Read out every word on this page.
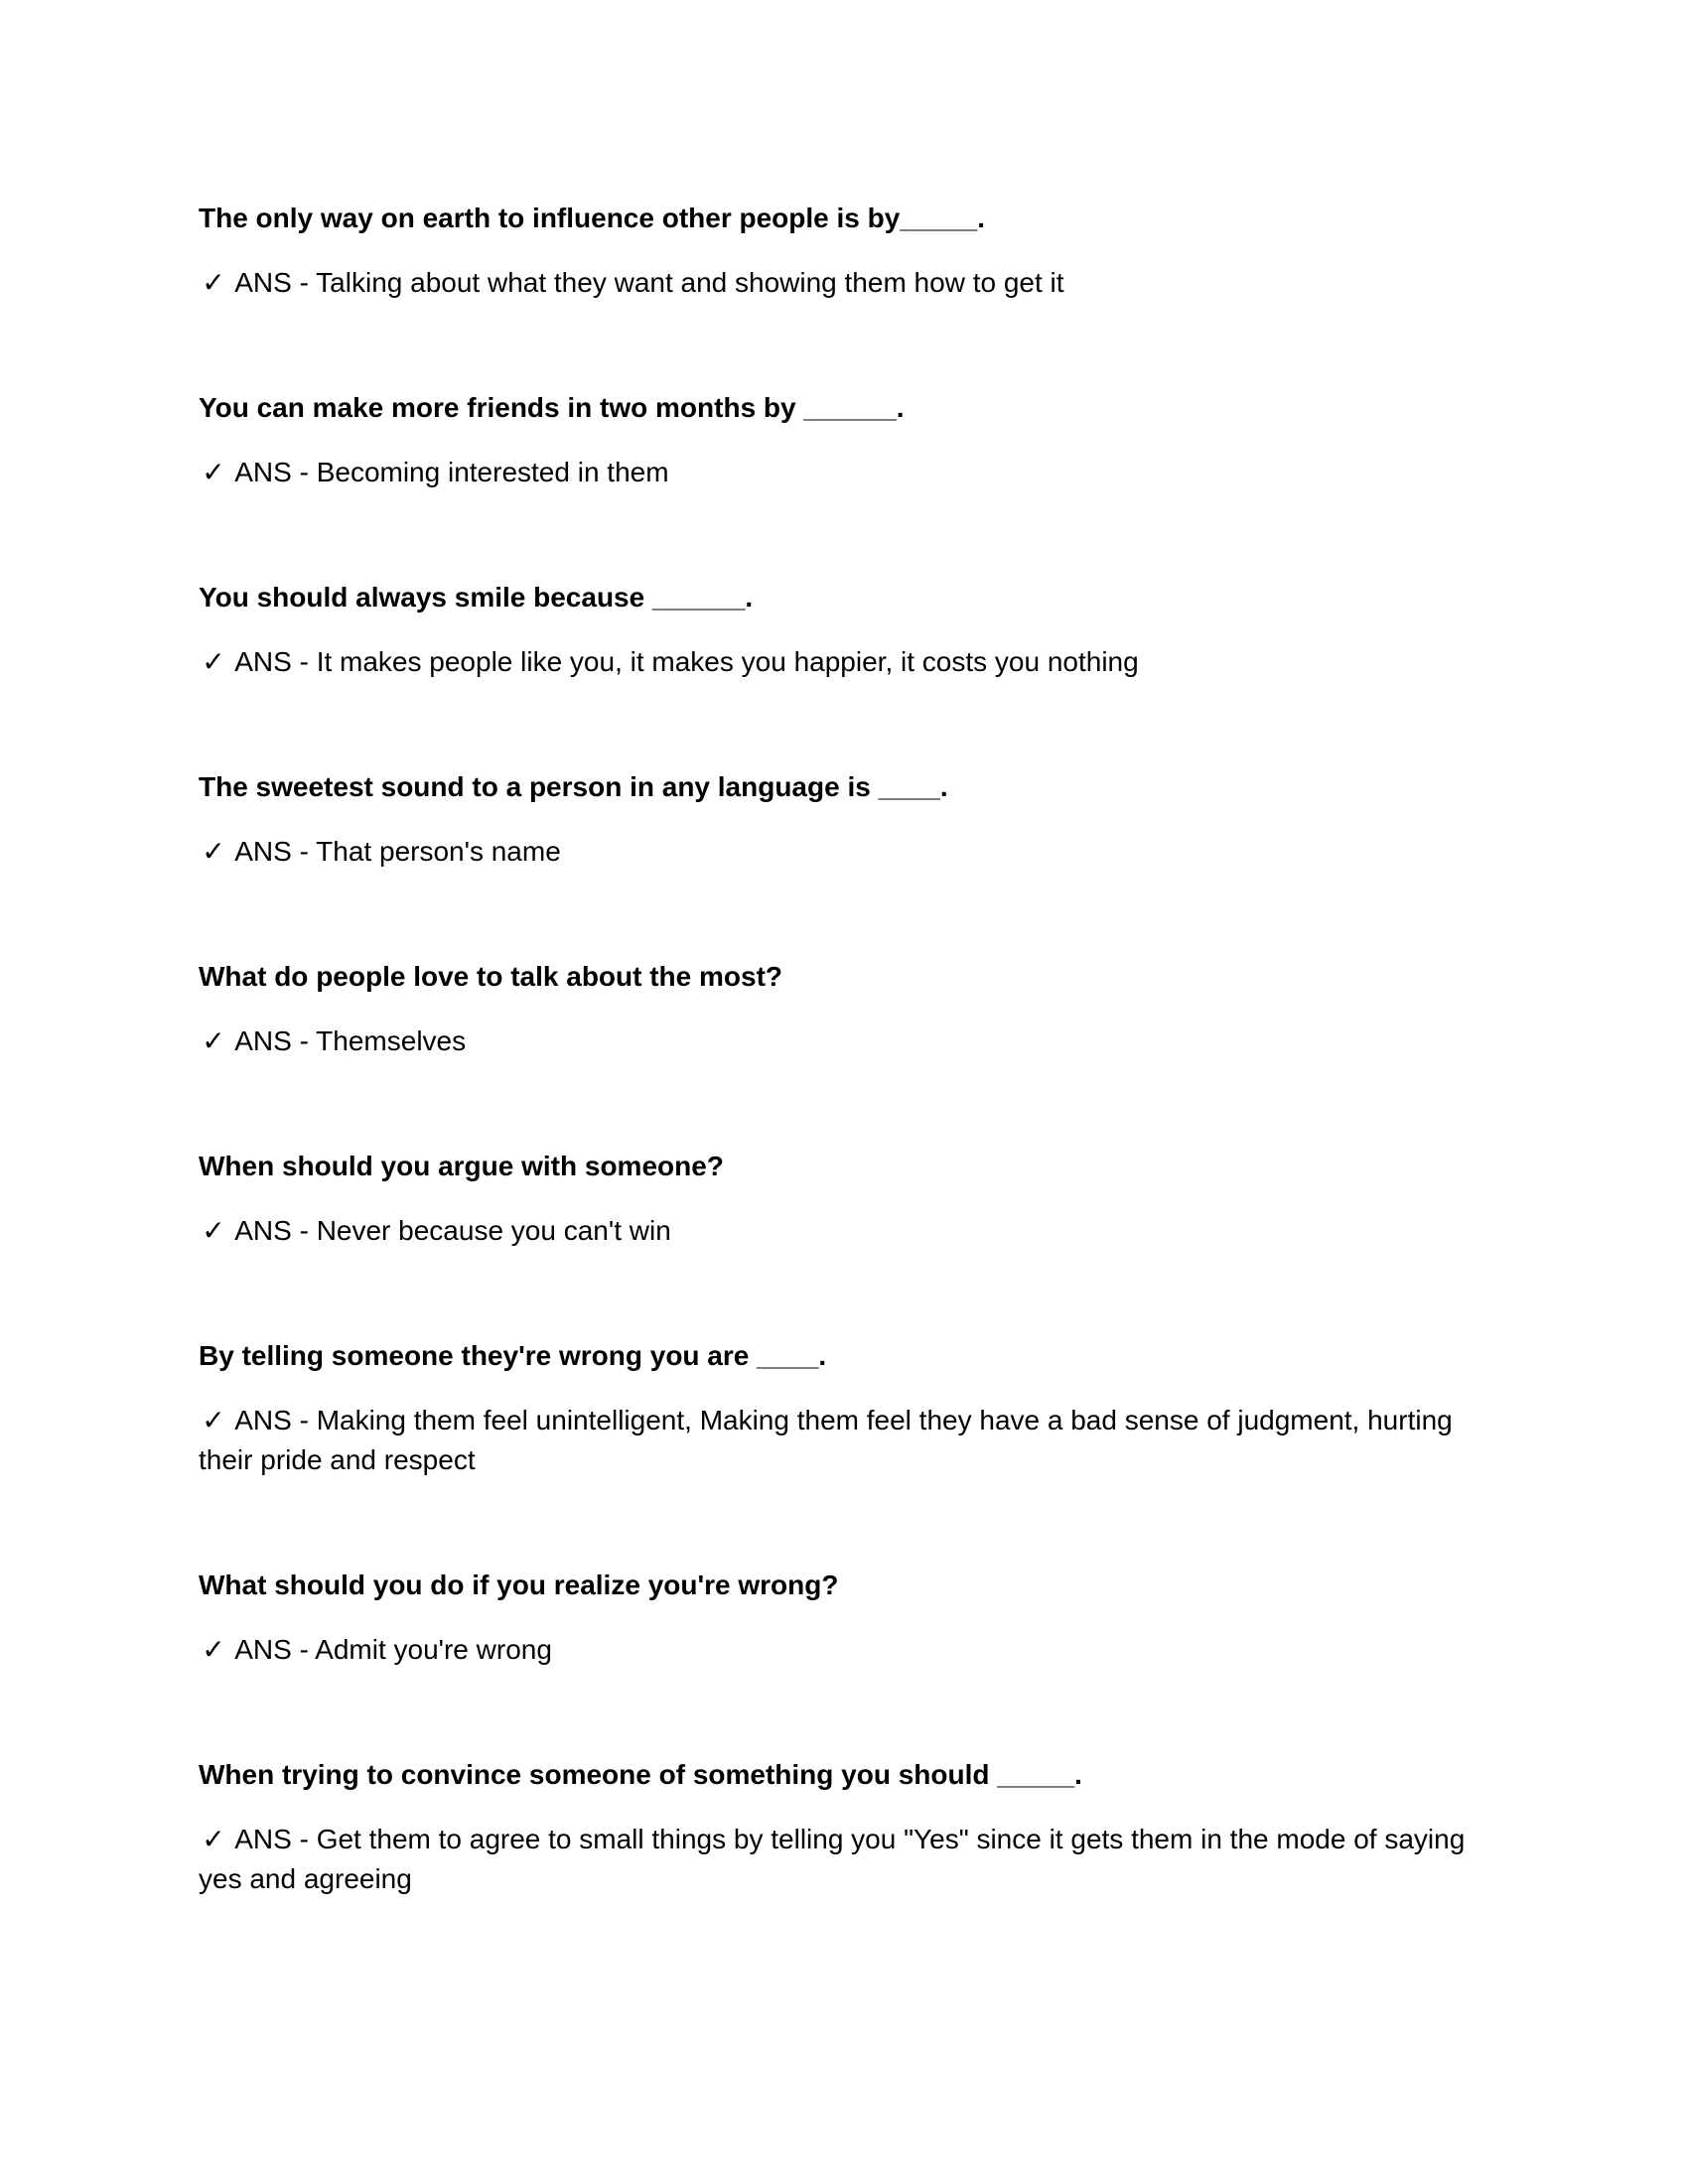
The only way on earth to influence other people is by_____.

✓ ANS - Talking about what they want and showing them how to get it

You can make more friends in two months by ______.

✓ ANS - Becoming interested in them

You should always smile because ______.

✓ ANS - It makes people like you, it makes you happier, it costs you nothing

The sweetest sound to a person in any language is ____.

✓ ANS - That person's name

What do people love to talk about the most?

✓ ANS - Themselves

When should you argue with someone?

✓ ANS - Never because you can't win

By telling someone they're wrong you are ____.

✓ ANS - Making them feel unintelligent, Making them feel they have a bad sense of judgment, hurting their pride and respect

What should you do if you realize you're wrong?

✓ ANS - Admit you're wrong

When trying to convince someone of something you should _____.

✓ ANS - Get them to agree to small things by telling you "Yes" since it gets them in the mode of saying yes and agreeing
